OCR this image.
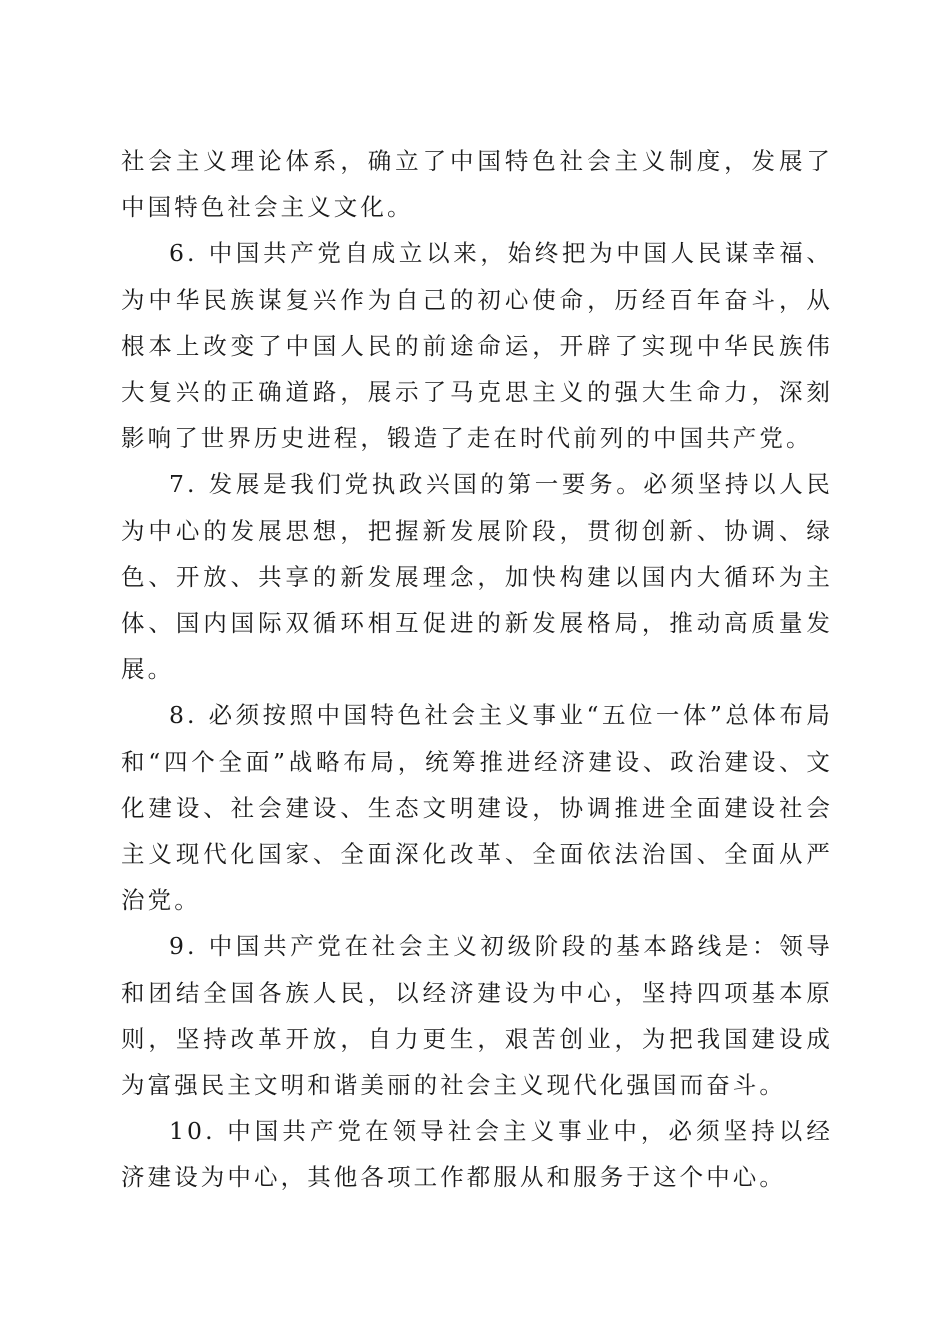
社会主义理论体系，确立了中国特色社会主义制度，发展了中国特色社会主义文化。

6. 中国共产党自成立以来，始终把为中国人民谋幸福、为中华民族谋复兴作为自己的初心使命，历经百年奋斗，从根本上改变了中国人民的前途命运，开辟了实现中华民族伟大复兴的正确道路，展示了马克思主义的强大生命力，深刻影响了世界历史进程，锻造了走在时代前列的中国共产党。

7. 发展是我们党执政兴国的第一要务。必须坚持以人民为中心的发展思想，把握新发展阶段，贯彻创新、协调、绿色、开放、共享的新发展理念，加快构建以国内大循环为主体、国内国际双循环相互促进的新发展格局，推动高质量发展。

8. 必须按照中国特色社会主义事业“五位一体”总体布局和“四个全面”战略布局，统筹推进经济建设、政治建设、文化建设、社会建设、生态文明建设，协调推进全面建设社会主义现代化国家、全面深化改革、全面依法治国、全面从严治党。

9. 中国共产党在社会主义初级阶段的基本路线是：领导和团结全国各族人民，以经济建设为中心，坚持四项基本原则，坚持改革开放，自力更生，艰苦创业，为把我国建设成为富强民主文明和谐美丽的社会主义现代化强国而奋斗。

10. 中国共产党在领导社会主义事业中，必须坚持以经济建设为中心，其他各项工作都服从和服务于这个中心。
